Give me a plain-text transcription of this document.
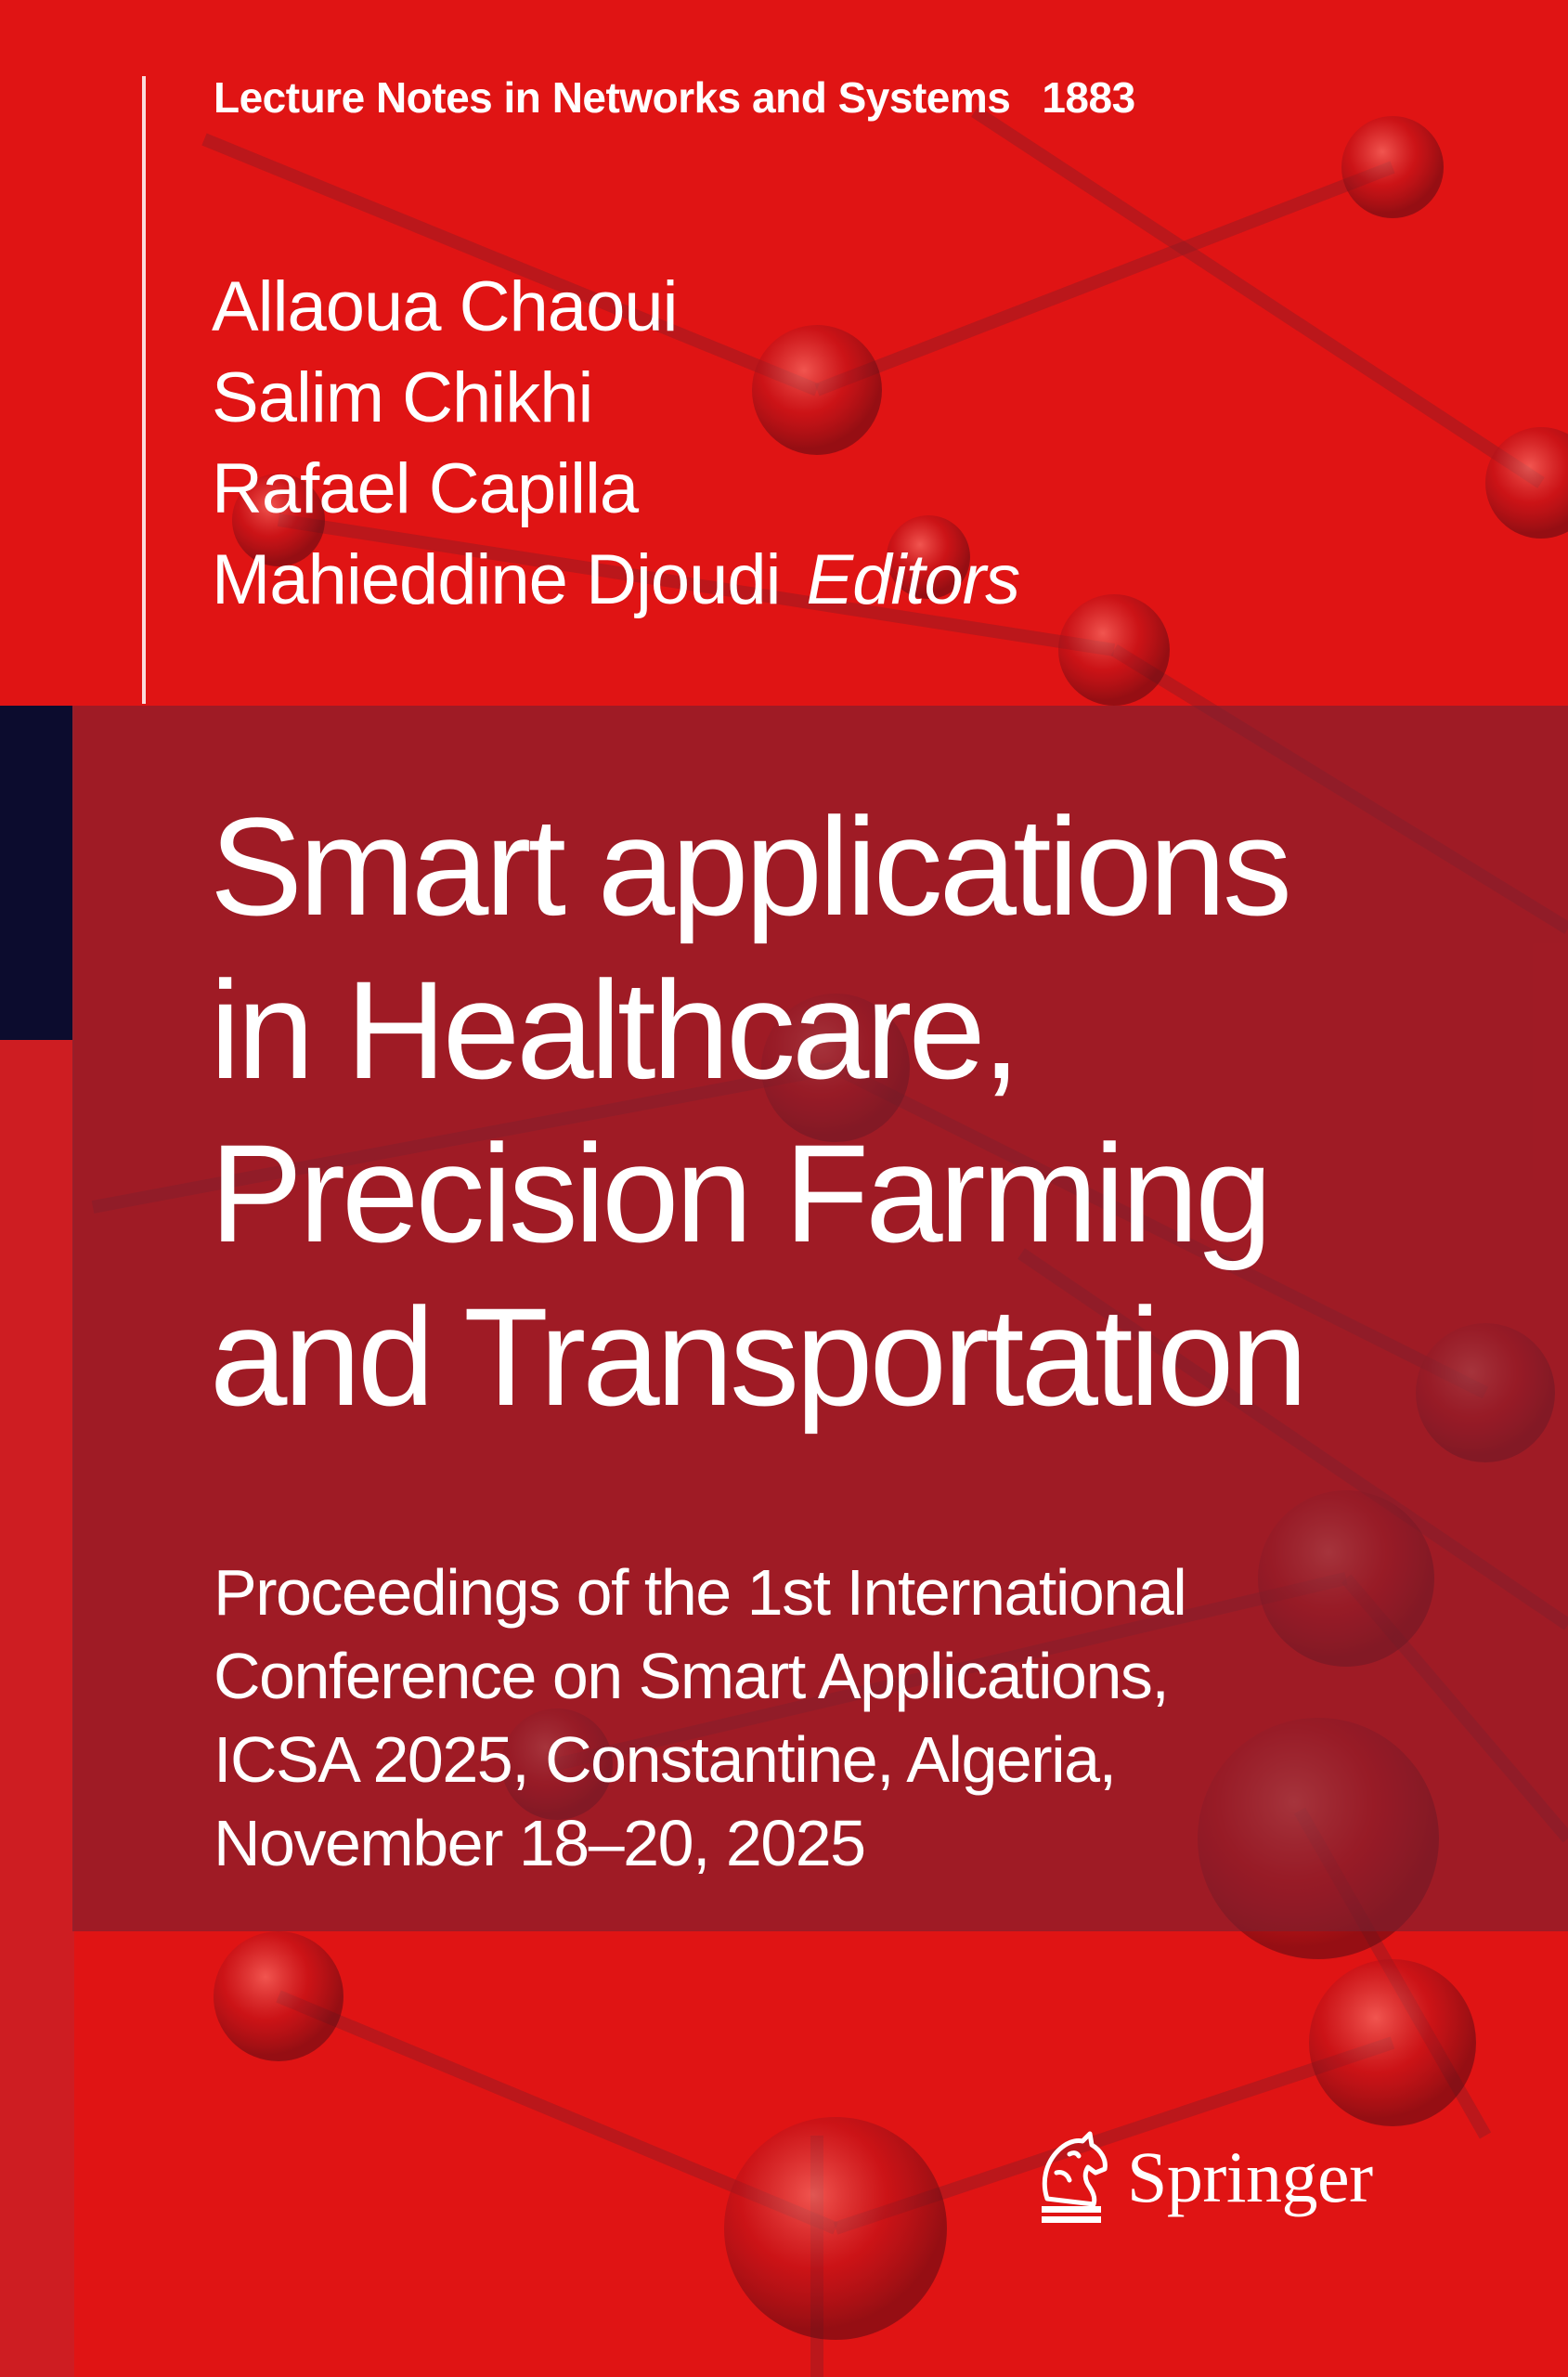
Lecture Notes in Networks and Systems 1883
Allaoua Chaoui
Salim Chikhi
Rafael Capilla
Mahieddine Djoudi Editors
Smart applications
in Healthcare,
Precision Farming
and Transportation
Proceedings of the 1st International
Conference on Smart Applications,
ICSA 2025, Constantine, Algeria,
November 18–20, 2025
Springer
